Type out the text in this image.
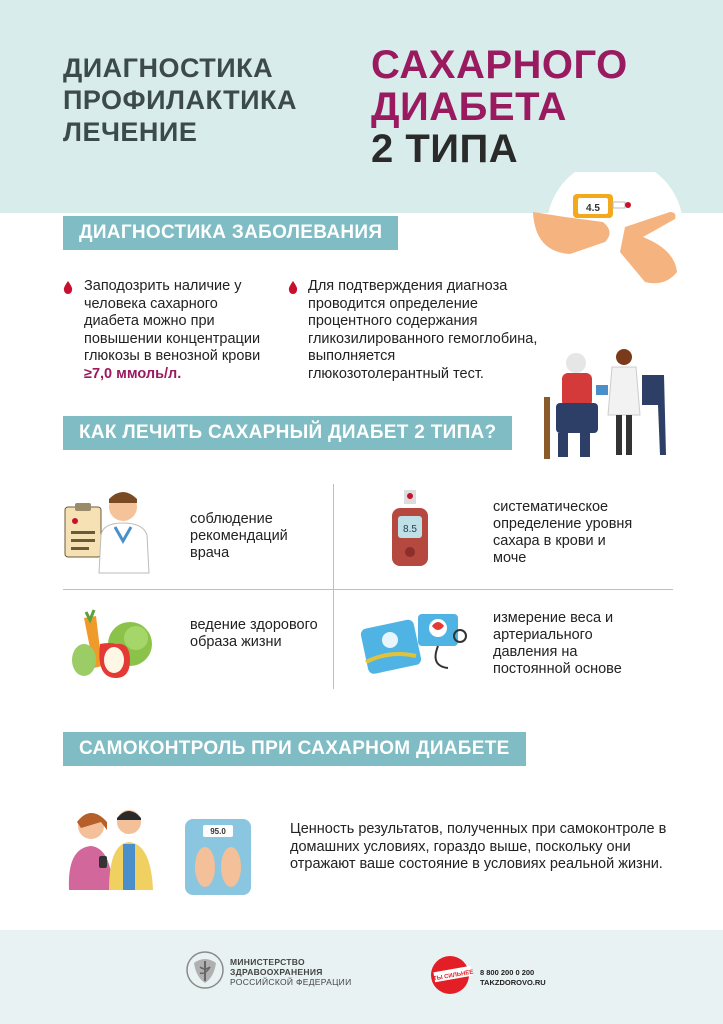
ДИАГНОСТИКА
ПРОФИЛАКТИКА
ЛЕЧЕНИЕ
САХАРНОГО
ДИАБЕТА
2 ТИПА
4.5
ДИАГНОСТИКА ЗАБОЛЕВАНИЯ
Заподозрить наличие у человека сахарного диабета можно при повышении концентрации глюкозы в венозной крови
≥7,0 ммоль/л.
Для подтверждения диагноза проводится определение процентного содержания гликозилированного гемоглобина, выполняется глюкозотолерантный тест.
КАК ЛЕЧИТЬ САХАРНЫЙ ДИАБЕТ 2 ТИПА?
соблюдение рекомендаций врача
8.5
систематическое определение уровня сахара в крови и моче
ведение здорового образа жизни
измерение веса и артериального давления на постоянной основе
САМОКОНТРОЛЬ ПРИ САХАРНОМ ДИАБЕТЕ
95.0	Ценность результатов, полученных при самоконтроле в домашних условиях, гораздо выше, поскольку они отражают ваше состояние в условиях реальной жизни.
МИНИСТЕРСТВО
ЗДРАВООХРАНЕНИЯ
РОССИЙСКОЙ ФЕДЕРАЦИИ	ТЫ СИЛЬНЕЕ 8 800 200 0 200
TAKZDOROVO.RU
